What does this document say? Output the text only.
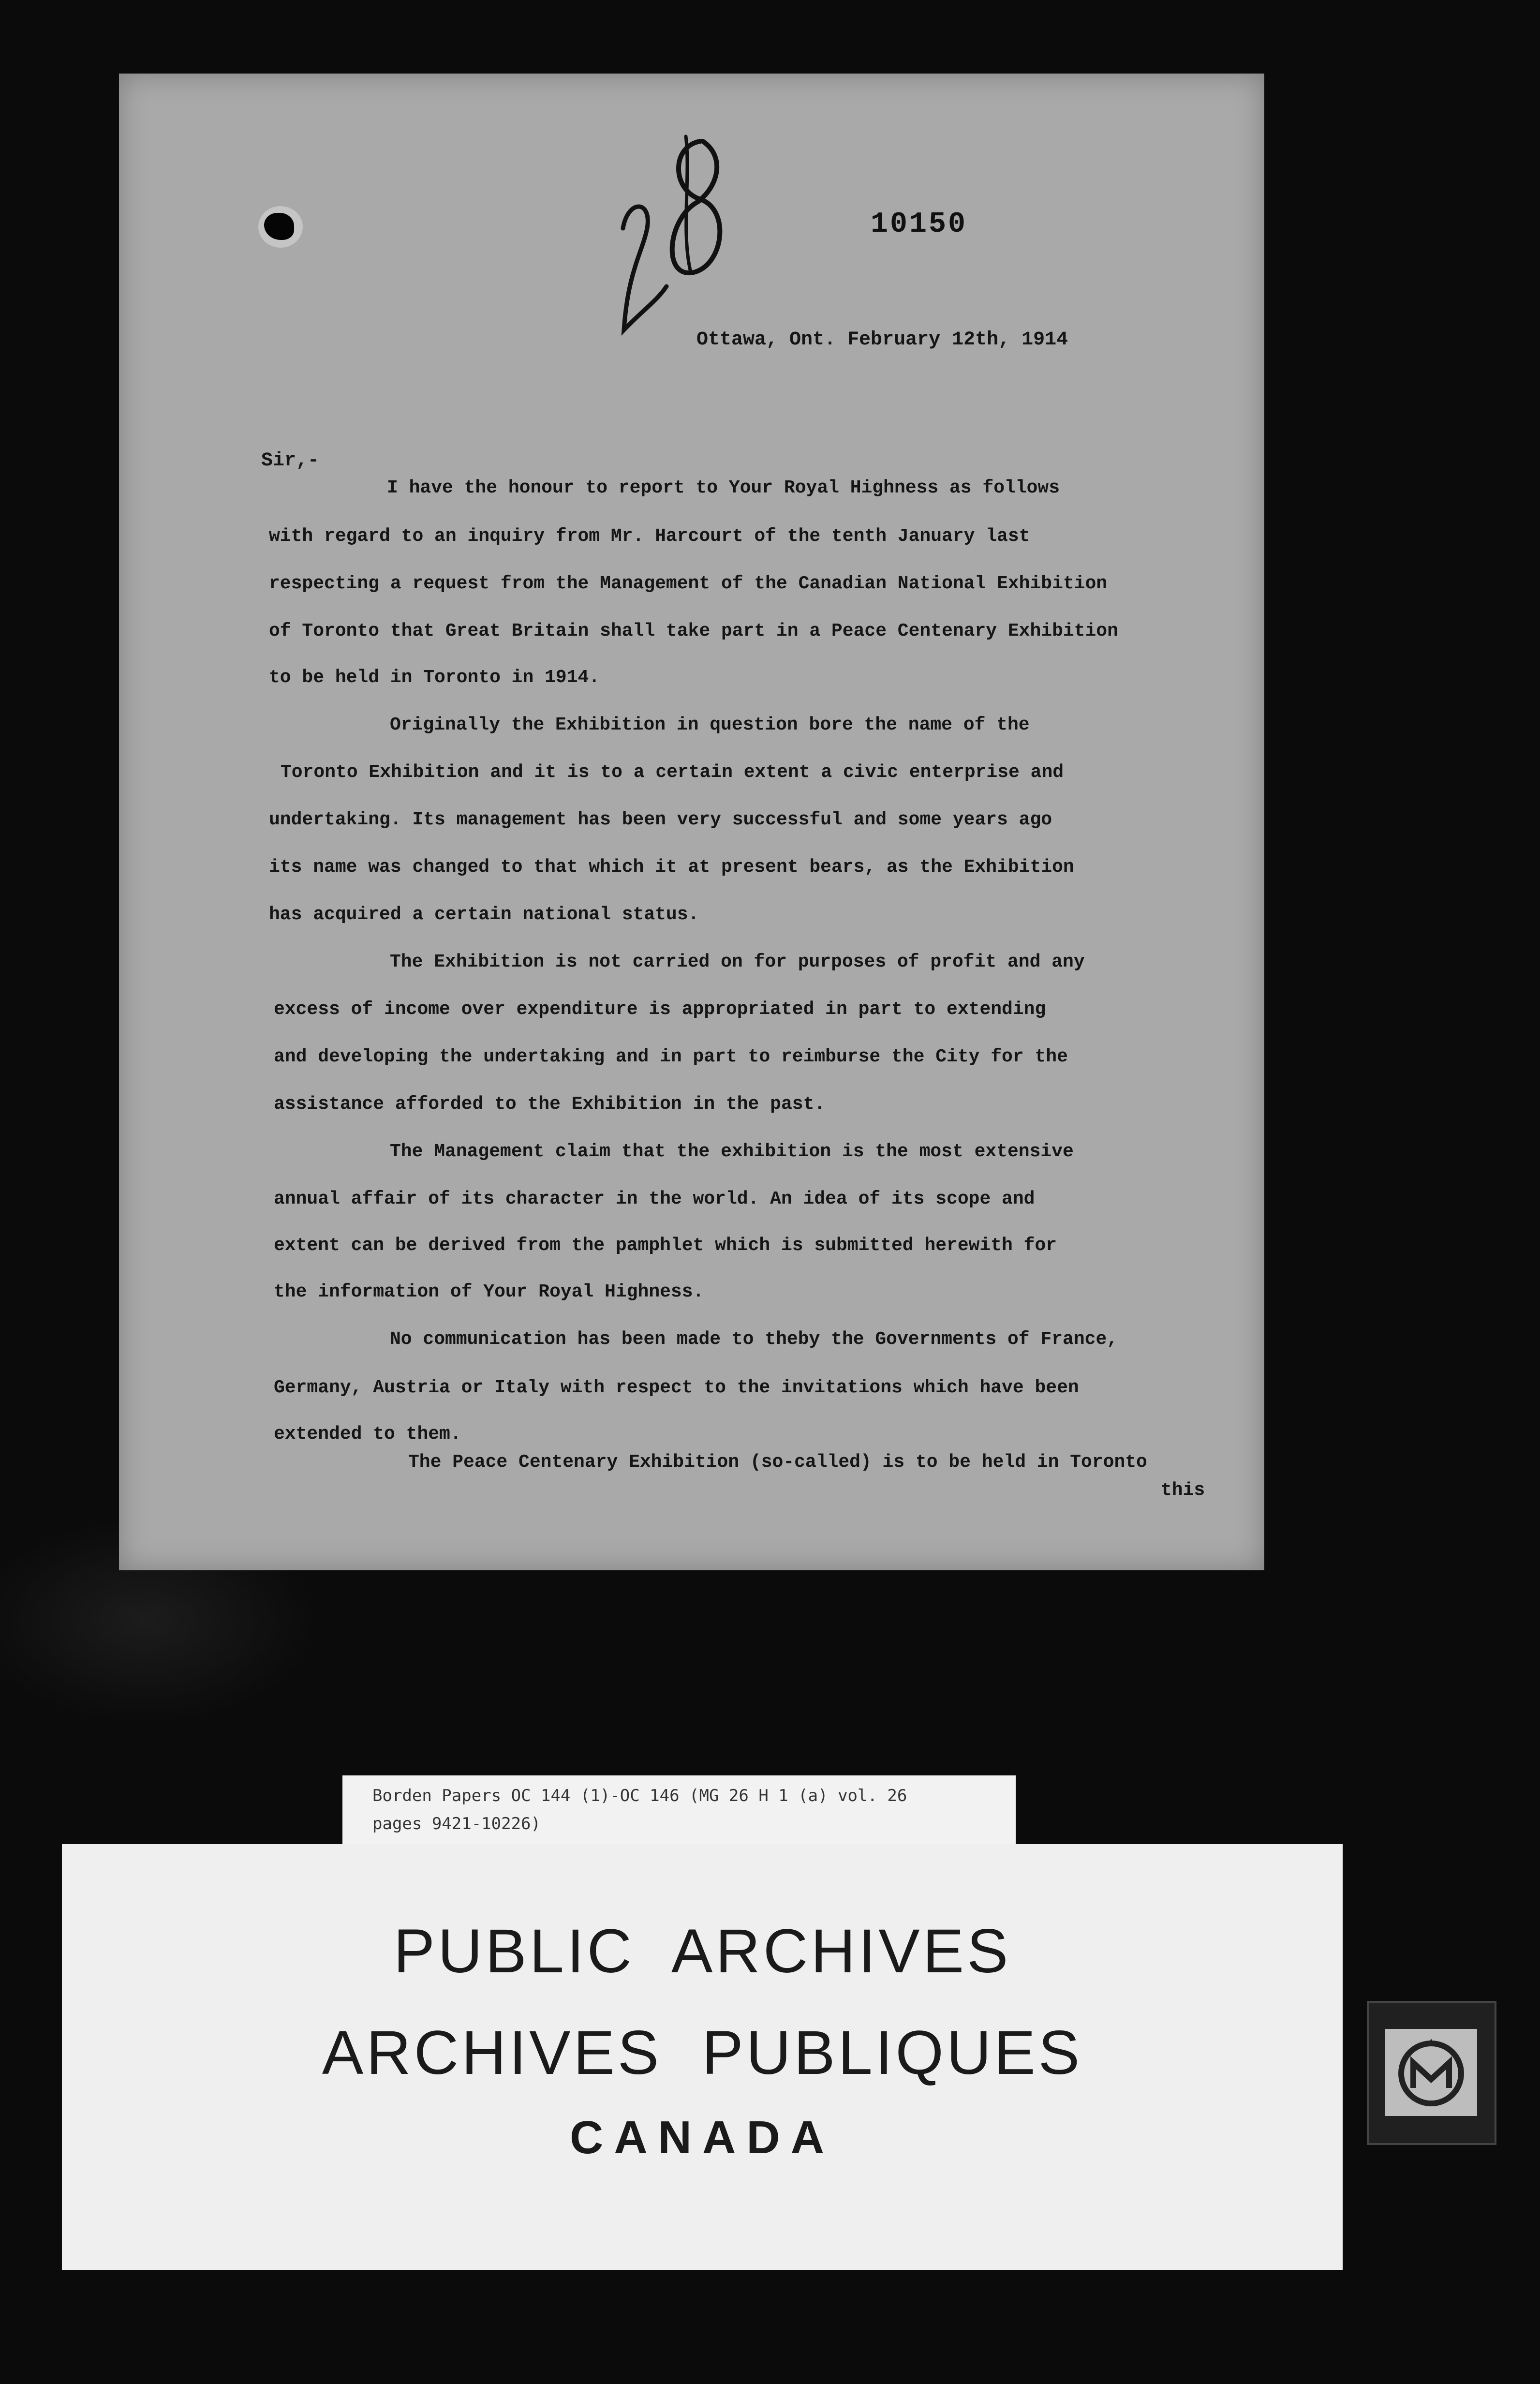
10150
Ottawa, Ont. February 12th, 1914
Sir,-
I have the honour to report to Your Royal Highness as follows
with regard to an inquiry from Mr. Harcourt of the tenth January last
respecting a request from the Management of the Canadian National Exhibition
of Toronto that Great Britain shall take part in a Peace Centenary Exhibition
to be held in Toronto in 1914.
Originally the Exhibition in question bore the name of the
Toronto Exhibition and it is to a certain extent a civic enterprise and
undertaking. Its management has been very successful and some years ago
its name was changed to that which it at present bears, as the Exhibition
has acquired a certain national status.
The Exhibition is not carried on for purposes of profit and any
excess of income over expenditure is appropriated in part to extending
and developing the undertaking and in part to reimburse the City for the
assistance afforded to the Exhibition in the past.
The Management claim that the exhibition is the most extensive
annual affair of its character in the world. An idea of its scope and
extent can be derived from the pamphlet which is submitted herewith for
the information of Your Royal Highness.
No communication has been made to theby the Governments of France,
Germany, Austria or Italy with respect to the invitations which have been
extended to them.
The Peace Centenary Exhibition (so-called) is to be held in Toronto
this
Borden Papers OC 144 (1)-OC 146 (MG 26 H 1 (a) vol. 26
pages 9421-10226)
PUBLIC  ARCHIVES
ARCHIVES  PUBLIQUES
CANADA
